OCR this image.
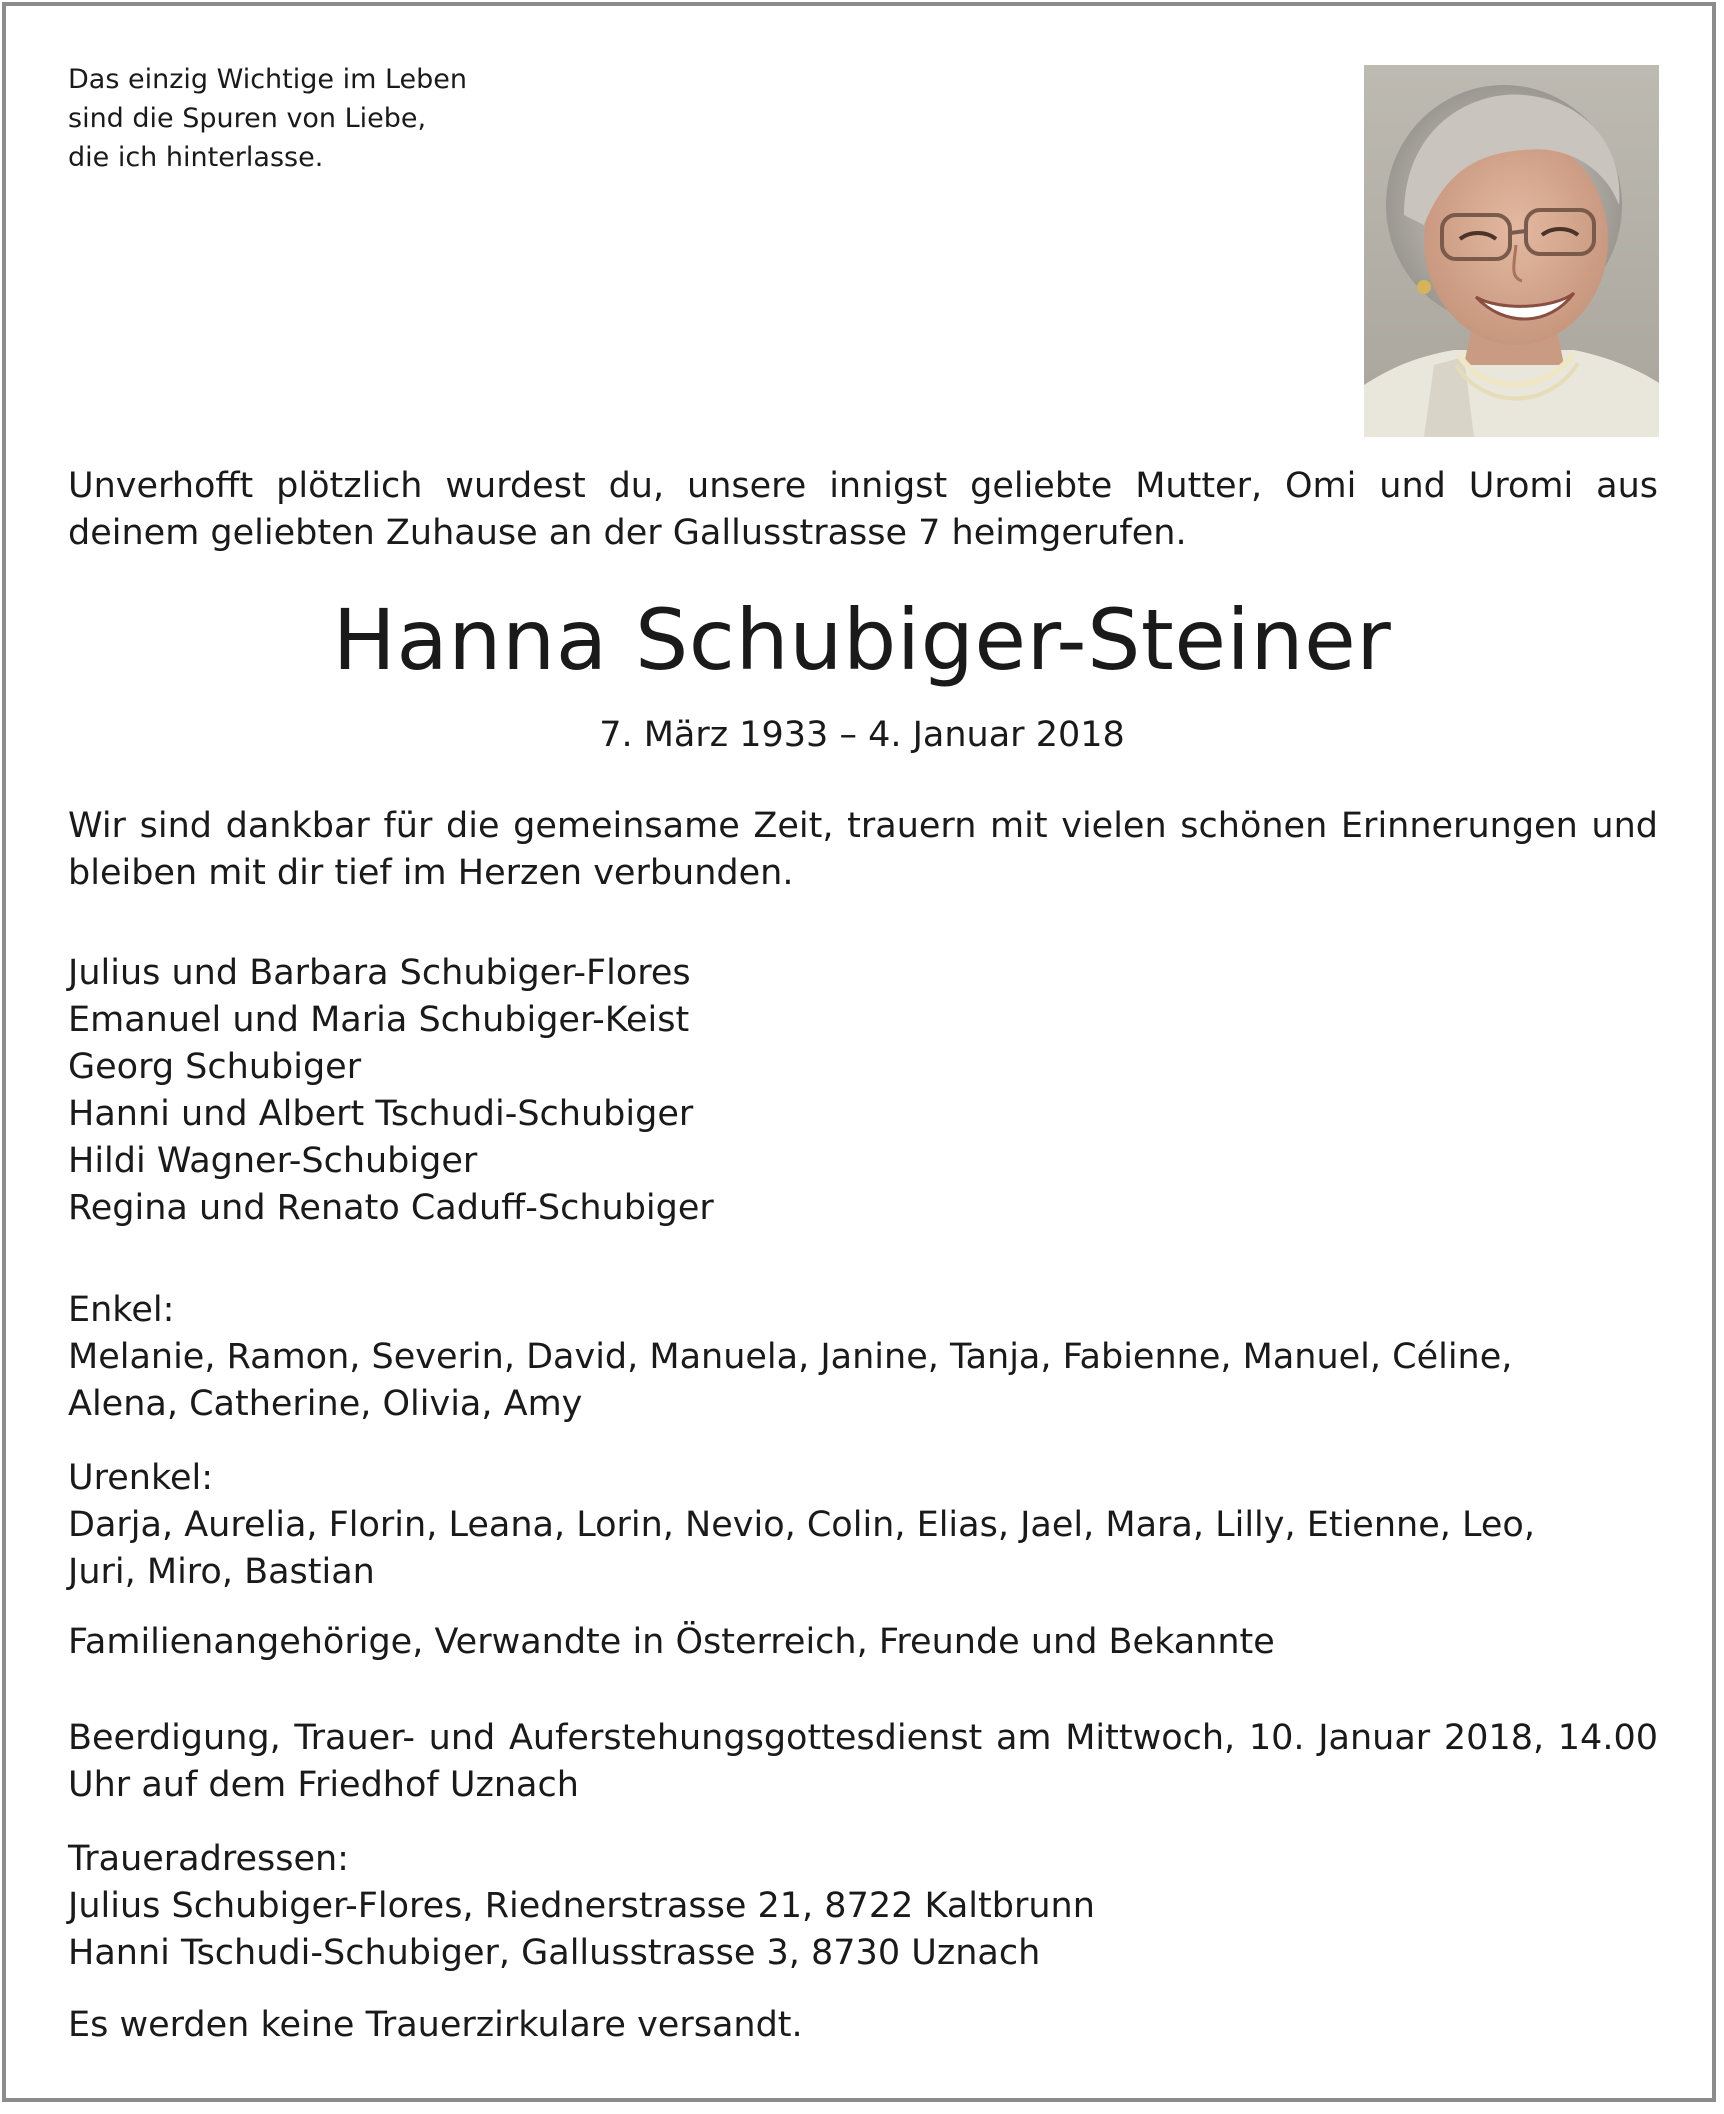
Das einzig Wichtige im Leben
sind die Spuren von Liebe,
die ich hinterlasse.
Unverhofft plötzlich wurdest du, unsere innigst geliebte Mutter, Omi und Uromi aus deinem geliebten Zuhause an der Gallusstrasse 7 heimgerufen.
Hanna Schubiger-Steiner
7. März 1933 – 4. Januar 2018
Wir sind dankbar für die gemeinsame Zeit, trauern mit vielen schönen Erinnerungen und bleiben mit dir tief im Herzen verbunden.
Julius und Barbara Schubiger-Flores
Emanuel und Maria Schubiger-Keist
Georg Schubiger
Hanni und Albert Tschudi-Schubiger
Hildi Wagner-Schubiger
Regina und Renato Caduff-Schubiger
Enkel:
Melanie, Ramon, Severin, David, Manuela, Janine, Tanja, Fabienne, Manuel, Céline,
Alena, Catherine, Olivia, Amy
Urenkel:
Darja, Aurelia, Florin, Leana, Lorin, Nevio, Colin, Elias, Jael, Mara, Lilly, Etienne, Leo,
Juri, Miro, Bastian
Familienangehörige, Verwandte in Österreich, Freunde und Bekannte
Beerdigung, Trauer- und Auferstehungsgottesdienst am Mittwoch, 10. Januar 2018, 14.00 Uhr auf dem Friedhof Uznach
Traueradressen:
Julius Schubiger-Flores, Riednerstrasse 21, 8722 Kaltbrunn
Hanni Tschudi-Schubiger, Gallusstrasse 3, 8730 Uznach
Es werden keine Trauerzirkulare versandt.
